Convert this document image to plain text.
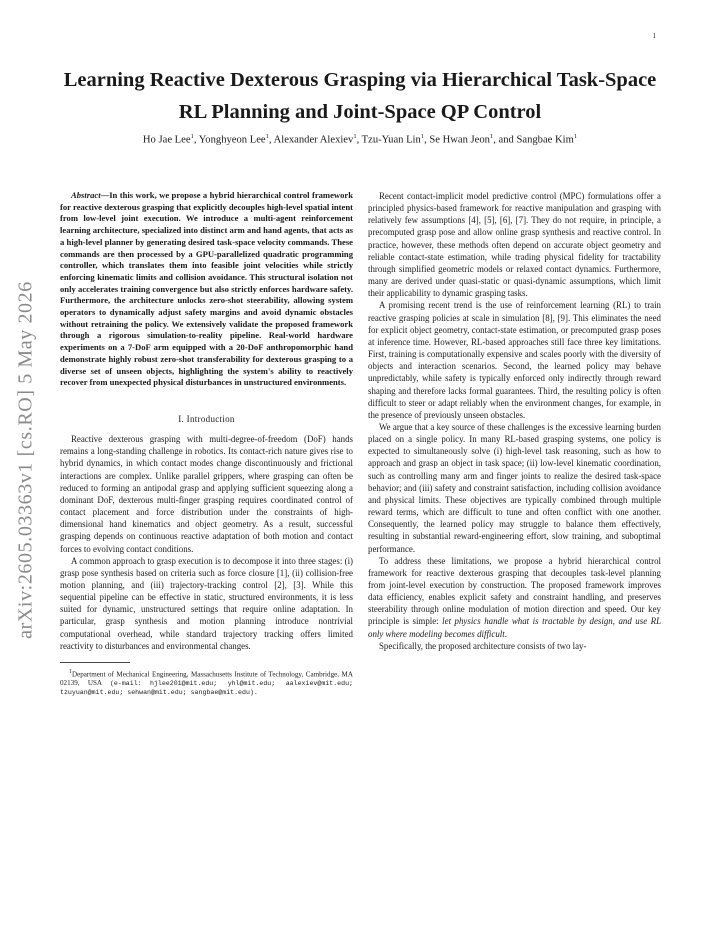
1
arXiv:2605.03363v1 [cs.RO] 5 May 2026
Learning Reactive Dexterous Grasping via Hierarchical Task-Space RL Planning and Joint-Space QP Control

Ho Jae Lee$^1$, Yonghyeon Lee$^1$, Alexander Alexiev$^1$, Tzu-Yuan Lin$^1$, Se Hwan Jeon$^1$, and Sangbae Kim$^1$

Abstract—In this work, we propose a hybrid hierarchical control framework for reactive dexterous grasping that explicitly decouples high-level spatial intent from low-level joint execution. We introduce a multi-agent reinforcement learning architecture, specialized into distinct arm and hand agents, that acts as a high-level planner by generating desired task-space velocity commands. These commands are then processed by a GPU-parallelized quadratic programming controller, which translates them into feasible joint velocities while strictly enforcing kinematic limits and collision avoidance. This structural isolation not only accelerates training convergence but also strictly enforces hardware safety. Furthermore, the architecture unlocks zero-shot steerability, allowing system operators to dynamically adjust safety margins and avoid dynamic obstacles without retraining the policy. We extensively validate the proposed framework through a rigorous simulation-to-reality pipeline. Real-world hardware experiments on a 7-DoF arm equipped with a 20-DoF anthropomorphic hand demonstrate highly robust zero-shot transferability for dexterous grasping to a diverse set of unseen objects, highlighting the system's ability to reactively recover from unexpected physical disturbances in unstructured environments.

I. Introduction

Reactive dexterous grasping with multi-degree-of-freedom (DoF) hands remains a long-standing challenge in robotics. Its contact-rich nature gives rise to hybrid dynamics, in which contact modes change discontinuously and frictional interactions are complex. Unlike parallel grippers, where grasping can often be reduced to forming an antipodal grasp and applying sufficient squeezing along a dominant DoF, dexterous multi-finger grasping requires coordinated control of contact placement and force distribution under the constraints of high-dimensional hand kinematics and object geometry. As a result, successful grasping depends on continuous reactive adaptation of both motion and contact forces to evolving contact conditions.

A common approach to grasp execution is to decompose it into three stages: (i) grasp pose synthesis based on criteria such as force closure [1], (ii) collision-free motion planning, and (iii) trajectory-tracking control [2], [3]. While this sequential pipeline can be effective in static, structured environments, it is less suited for dynamic, unstructured settings that require online adaptation. In particular, grasp synthesis and motion planning introduce nontrivial computational overhead, while standard trajectory tracking offers limited reactivity to disturbances and environmental changes.

$^1$Department of Mechanical Engineering, Massachusetts Institute of Technology, Cambridge, MA 02139, USA (e-mail: hjlee201@mit.edu; yhl@mit.edu; aalexiev@mit.edu; tzuyuan@mit.edu; sehwan@mit.edu; sangbae@mit.edu).

Recent contact-implicit model predictive control (MPC) formulations offer a principled physics-based framework for reactive manipulation and grasping with relatively few assumptions [4], [5], [6], [7]. They do not require, in principle, a precomputed grasp pose and allow online grasp synthesis and reactive control. In practice, however, these methods often depend on accurate object geometry and reliable contact-state estimation, while trading physical fidelity for tractability through simplified geometric models or relaxed contact dynamics. Furthermore, many are derived under quasi-static or quasi-dynamic assumptions, which limit their applicability to dynamic grasping tasks.

A promising recent trend is the use of reinforcement learning (RL) to train reactive grasping policies at scale in simulation [8], [9]. This eliminates the need for explicit object geometry, contact-state estimation, or precomputed grasp poses at inference time. However, RL-based approaches still face three key limitations. First, training is computationally expensive and scales poorly with the diversity of objects and interaction scenarios. Second, the learned policy may behave unpredictably, while safety is typically enforced only indirectly through reward shaping and therefore lacks formal guarantees. Third, the resulting policy is often difficult to steer or adapt reliably when the environment changes, for example, in the presence of previously unseen obstacles.

We argue that a key source of these challenges is the excessive learning burden placed on a single policy. In many RL-based grasping systems, one policy is expected to simultaneously solve (i) high-level task reasoning, such as how to approach and grasp an object in task space; (ii) low-level kinematic coordination, such as controlling many arm and finger joints to realize the desired task-space behavior; and (iii) safety and constraint satisfaction, including collision avoidance and physical limits. These objectives are typically combined through multiple reward terms, which are difficult to tune and often conflict with one another. Consequently, the learned policy may struggle to balance them effectively, resulting in substantial reward-engineering effort, slow training, and suboptimal performance.

To address these limitations, we propose a hybrid hierarchical control framework for reactive dexterous grasping that decouples task-level planning from joint-level execution by construction. The proposed framework improves data efficiency, enables explicit safety and constraint handling, and preserves steerability through online modulation of motion direction and speed. Our key principle is simple: let physics handle what is tractable by design, and use RL only where modeling becomes difficult.

Specifically, the proposed architecture consists of two lay-
